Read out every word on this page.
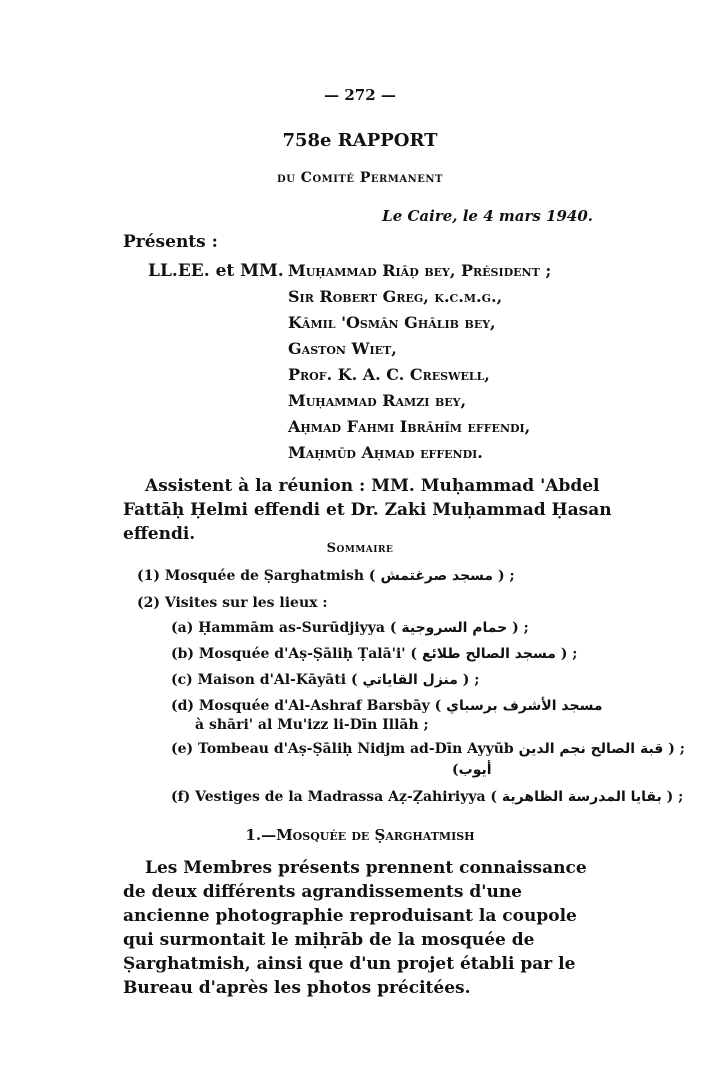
— 272 —
758e RAPPORT
du Comité Permanent
Le Caire, le 4 mars 1940.
Présents :
LL.EE. et MM. Muḥammad Riāḍ bey, Président ;
Sir Robert Greg, k.c.m.g.,
Kāmil 'Osmān Ghālib bey,
Gaston Wiet,
Prof. K. A. C. Creswell,
Muḥammad Ramzi bey,
Aḥmad Fahmi Ibrāhīm effendi,
Maḥmūd Aḥmad effendi.
Assistent à la réunion : MM. Muḥammad 'Abdel Fattāḥ Ḥelmi effendi et Dr. Zaki Muḥammad Ḥasan effendi.
Sommaire
(1) Mosquée de Ṣarghatmish ( مسجد صرغتمش ) ;
(2) Visites sur les lieux :
(a) Ḥammām as-Surūdjiyya ( حمام السروجية ) ;
(b) Mosquée d'Aṣ-Ṣāliḥ Ṭalā'i' ( مسجد الصالح طلائع ) ;
(c) Maison d'Al-Kāyāti ( منزل القاياتي ) ;
(d) Mosquée d'Al-Ashraf Barsbāy ( مسجد الأشرف برسباي
à shāri' al Mu'izz li-Dīn Illāh ;
(e) Tombeau d'Aṣ-Ṣāliḥ Nidjm ad-Dīn Ayyūb قبة الصالح نجم الدين ) ;
(أيوب
(f) Vestiges de la Madrassa Aẓ-Ẓahiriyya ( بقايا المدرسة الظاهرية ) ;
1.—Mosquée de Ṣarghatmish
Les Membres présents prennent connaissance de deux différents agrandissements d'une ancienne photographie reproduisant la coupole qui surmontait le miḥrāb de la mosquée de Ṣarghatmish, ainsi que d'un projet établi par le Bureau d'après les photos précitées.
